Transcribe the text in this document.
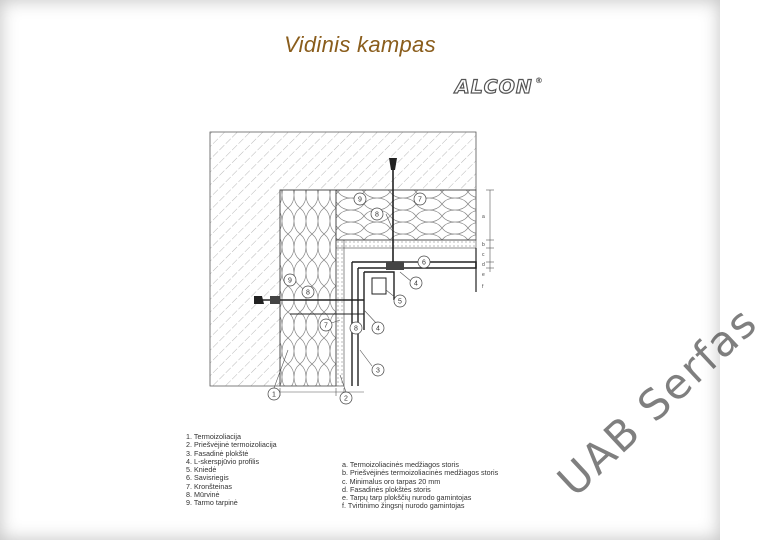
Vidinis kampas
ALCON ®
1
2
3
4
5
4
6
7
9
8
9
8
7	8
a
b
c
d
e
f
1. Termoizoliacija
2. Priešvėjinė termoizoliacija
3. Fasadinė plokštė
4. L-skerspjūvio profilis
5. Kniedė
6. Savisriegis
7. Kronšteinas
8. Mūrvinė
9. Tarmo tarpinė
a. Termoizoliacinės medžiagos storis
b. Priešvėjinės termoizoliacinės medžiagos storis
c. Minimalus oro tarpas 20 mm
d. Fasadinės plokštės storis
e. Tarpų tarp plokščių nurodo gamintojas
f. Tvirtinimo žingsnį nurodo gamintojas
UAB Serfas
